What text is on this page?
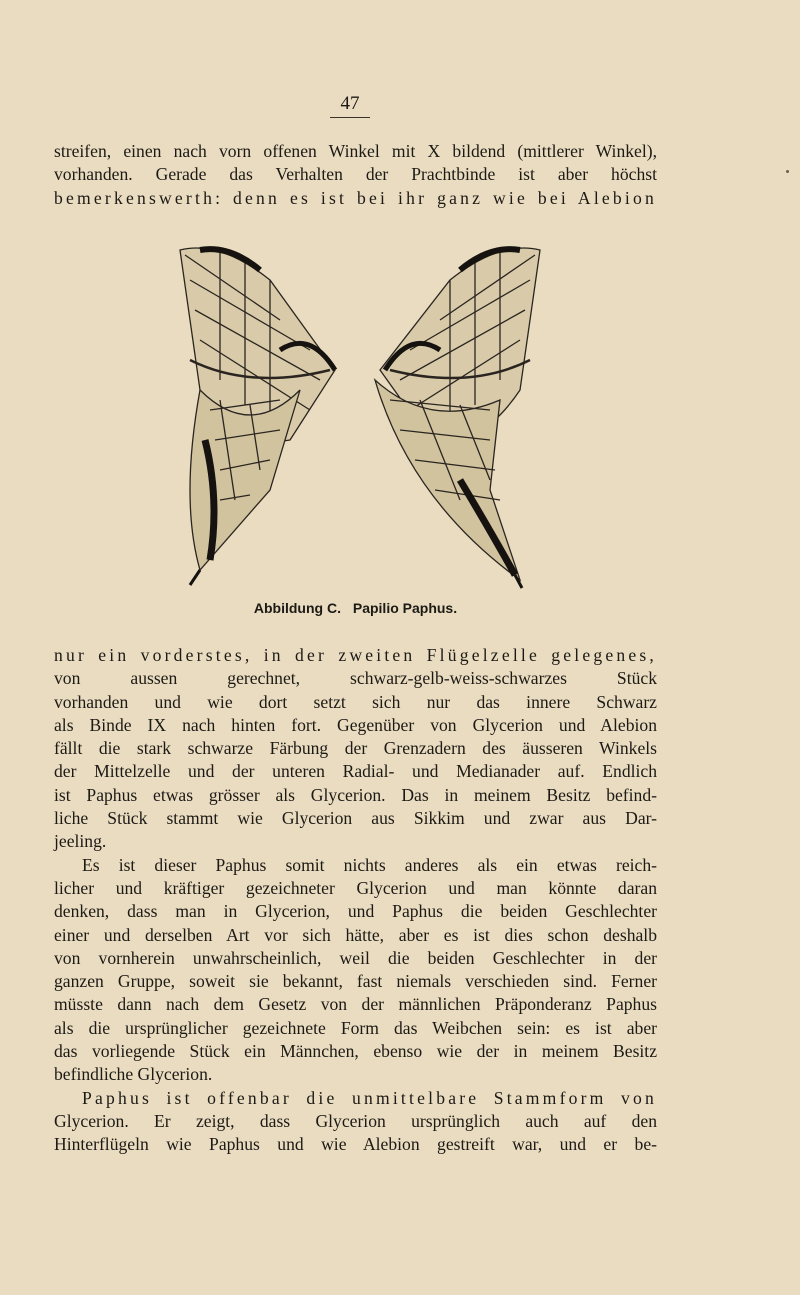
47
streifen, einen nach vorn offenen Winkel mit X bildend (mittlerer Winkel),
vorhanden. Gerade das Verhalten der Prachtbinde ist aber höchst
bemerkenswerth: denn es ist bei ihr ganz wie bei Alebion
Abbildung C. Papilio Paphus.
nur ein vorderstes, in der zweiten Flügelzelle gelegenes,
von aussen gerechnet, schwarz-gelb-weiss-schwarzes Stück
vorhanden und wie dort setzt sich nur das innere Schwarz
als Binde IX nach hinten fort. Gegenüber von Glycerion und Alebion
fällt die stark schwarze Färbung der Grenzadern des äusseren Winkels
der Mittelzelle und der unteren Radial- und Medianader auf. Endlich
ist Paphus etwas grösser als Glycerion. Das in meinem Besitz befind-
liche Stück stammt wie Glycerion aus Sikkim und zwar aus Dar-
jeeling.
Es ist dieser Paphus somit nichts anderes als ein etwas reich-
licher und kräftiger gezeichneter Glycerion und man könnte daran
denken, dass man in Glycerion, und Paphus die beiden Geschlechter
einer und derselben Art vor sich hätte, aber es ist dies schon deshalb
von vornherein unwahrscheinlich, weil die beiden Geschlechter in der
ganzen Gruppe, soweit sie bekannt, fast niemals verschieden sind. Ferner
müsste dann nach dem Gesetz von der männlichen Präponderanz Paphus
als die ursprünglicher gezeichnete Form das Weibchen sein: es ist aber
das vorliegende Stück ein Männchen, ebenso wie der in meinem Besitz
befindliche Glycerion.
Paphus ist offenbar die unmittelbare Stammform von
Glycerion. Er zeigt, dass Glycerion ursprünglich auch auf den
Hinterflügeln wie Paphus und wie Alebion gestreift war, und er be-
